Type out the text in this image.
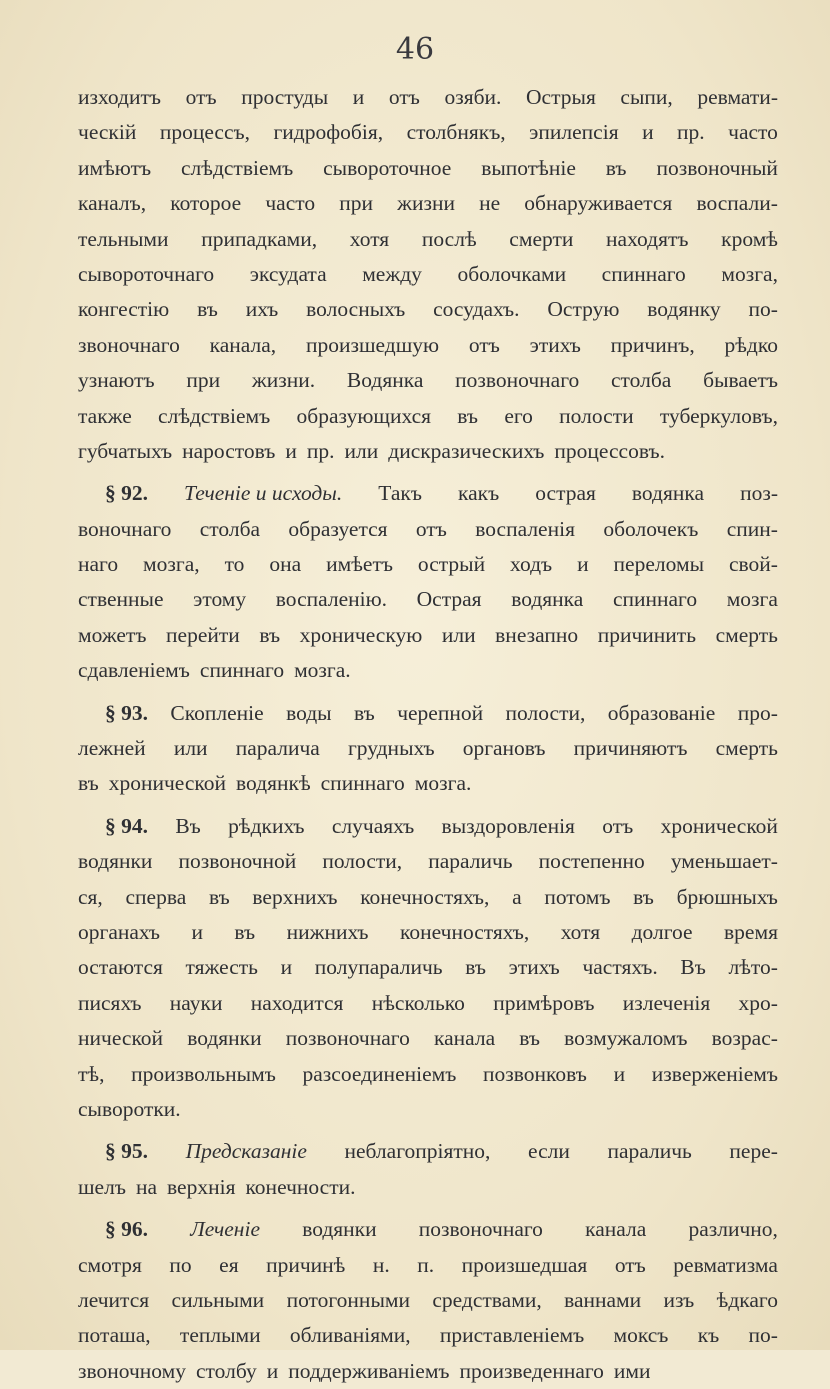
46
изходитъ отъ простуды и отъ озяби. Острыя сыпи, ревмати-
ческій процессъ, гидрофобія, столбнякъ, эпилепсія и пр. часто
имѣютъ слѣдствіемъ сывороточное выпотѣніе въ позвоночный
каналъ, которое часто при жизни не обнаруживается воспали-
тельными припадками, хотя послѣ смерти находятъ кромѣ
сывороточнаго эксудата между оболочками спиннаго мозга,
конгестію въ ихъ волосныхъ сосудахъ. Острую водянку по-
звоночнаго канала, произшедшую отъ этихъ причинъ, рѣдко
узнаютъ при жизни. Водянка позвоночнаго столба бываетъ
также слѣдствіемъ образующихся въ его полости туберкуловъ,
губчатыхъ наростовъ и пр. или дискразическихъ процессовъ.
§ 92. Теченіе и исходы. Такъ какъ острая водянка поз-
воночнаго столба образуется отъ воспаленія оболочекъ спин-
наго мозга, то она имѣетъ острый ходъ и переломы свой-
ственные этому воспаленію. Острая водянка спиннаго мозга
можетъ перейти въ хроническую или внезапно причинить смерть
сдавленіемъ спиннаго мозга.
§ 93. Скопленіе воды въ черепной полости, образованіе про-
лежней или паралича грудныхъ органовъ причиняютъ смерть
въ хронической водянкѣ спиннаго мозга.
§ 94. Въ рѣдкихъ случаяхъ выздоровленія отъ хронической
водянки позвоночной полости, параличь постепенно уменьшает-
ся, сперва въ верхнихъ конечностяхъ, а потомъ въ брюшныхъ
органахъ и въ нижнихъ конечностяхъ, хотя долгое время
остаются тяжесть и полупараличь въ этихъ частяхъ. Въ лѣто-
писяхъ науки находится нѣсколько примѣровъ излеченія хро-
нической водянки позвоночнаго канала въ возмужаломъ возрас-
тѣ, произвольнымъ разсоединеніемъ позвонковъ и изверженіемъ
сыворотки.
§ 95. Предсказаніе неблагопріятно, если параличь пере-
шелъ на верхнія конечности.
§ 96. Леченіе водянки позвоночнаго канала различно,
смотря по ея причинѣ н. п. произшедшая отъ ревматизма
лечится сильными потогонными средствами, ваннами изъ ѣдкаго
поташа, теплыми обливаніями, приставленіемъ моксъ къ по-
звоночному столбу и поддерживаніемъ произведеннаго ими
